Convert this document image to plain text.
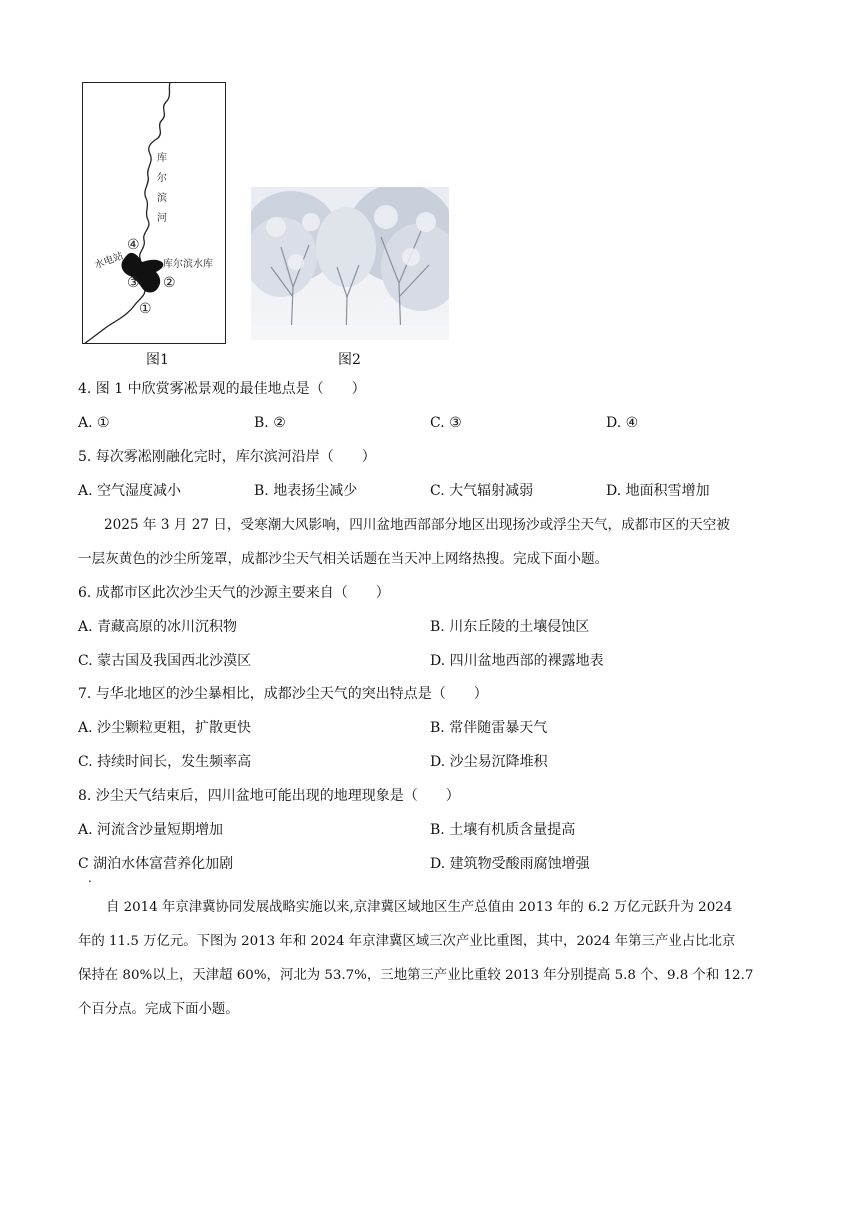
库
尔
滨
河
④
水电站	库尔滨水库
③ ②
①
图1	图2
4. 图 1 中欣赏雾凇景观的最佳地点是（　　）
A. ①	B. ②	C. ③	D. ④
5. 每次雾凇刚融化完时，库尔滨河沿岸（　　）
A. 空气湿度减小	B. 地表扬尘减少	C. 大气辐射减弱	D. 地面积雪增加
2025 年 3 月 27 日，受寒潮大风影响，四川盆地西部部分地区出现扬沙或浮尘天气，成都市区的天空被
一层灰黄色的沙尘所笼罩，成都沙尘天气相关话题在当天冲上网络热搜。完成下面小题。
6. 成都市区此次沙尘天气的沙源主要来自（　　）
A. 青藏高原的冰川沉积物	B. 川东丘陵的土壤侵蚀区
C. 蒙古国及我国西北沙漠区	D. 四川盆地西部的裸露地表
7. 与华北地区的沙尘暴相比，成都沙尘天气的突出特点是（　　）
A. 沙尘颗粒更粗，扩散更快	B. 常伴随雷暴天气
C. 持续时间长，发生频率高	D. 沙尘易沉降堆积
8. 沙尘天气结束后，四川盆地可能出现的地理现象是（　　）
A. 河流含沙量短期增加	B. 土壤有机质含量提高
C 湖泊水体富营养化加剧	D. 建筑物受酸雨腐蚀增强
.
自 2014 年京津冀协同发展战略实施以来,京津冀区域地区生产总值由 2013 年的 6.2 万亿元跃升为 2024
年的 11.5 万亿元。下图为 2013 年和 2024 年京津冀区域三次产业比重图，其中，2024 年第三产业占比北京
保持在 80%以上，天津超 60%，河北为 53.7%，三地第三产业比重较 2013 年分别提高 5.8 个、9.8 个和 12.7
个百分点。完成下面小题。
